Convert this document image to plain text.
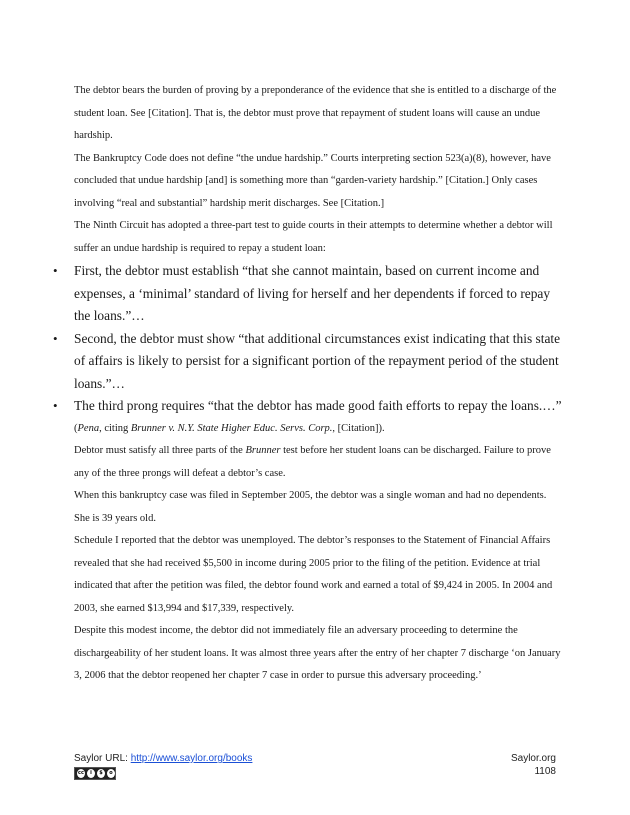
The debtor bears the burden of proving by a preponderance of the evidence that she is entitled to a discharge of the student loan. See [Citation]. That is, the debtor must prove that repayment of student loans will cause an undue hardship.

The Bankruptcy Code does not define “the undue hardship.” Courts interpreting section 523(a)(8), however, have concluded that undue hardship [and] is something more than “garden-variety hardship.” [Citation.] Only cases involving “real and substantial” hardship merit discharges. See [Citation.]

The Ninth Circuit has adopted a three-part test to guide courts in their attempts to determine whether a debtor will suffer an undue hardship is required to repay a student loan:

• First, the debtor must establish “that she cannot maintain, based on current income and expenses, a ‘minimal’ standard of living for herself and her dependents if forced to repay the loans.”…
• Second, the debtor must show “that additional circumstances exist indicating that this state of affairs is likely to persist for a significant portion of the repayment period of the student loans.”…
• The third prong requires “that the debtor has made good faith efforts to repay the loans.…”

(Pena, citing Brunner v. N.Y. State Higher Educ. Servs. Corp., [Citation]).

Debtor must satisfy all three parts of the Brunner test before her student loans can be discharged. Failure to prove any of the three prongs will defeat a debtor’s case.

When this bankruptcy case was filed in September 2005, the debtor was a single woman and had no dependents. She is 39 years old.

Schedule I reported that the debtor was unemployed. The debtor’s responses to the Statement of Financial Affairs revealed that she had received $5,500 in income during 2005 prior to the filing of the petition. Evidence at trial indicated that after the petition was filed, the debtor found work and earned a total of $9,424 in 2005. In 2004 and 2003, she earned $13,994 and $17,339, respectively.

Despite this modest income, the debtor did not immediately file an adversary proceeding to determine the dischargeability of her student loans. It was almost three years after the entry of her chapter 7 discharge ‘on January 3, 2006 that the debtor reopened her chapter 7 case in order to pursue this adversary proceeding.’

Saylor URL: http://www.saylor.org/books
cc	i	$	o
Saylor.org
1108
